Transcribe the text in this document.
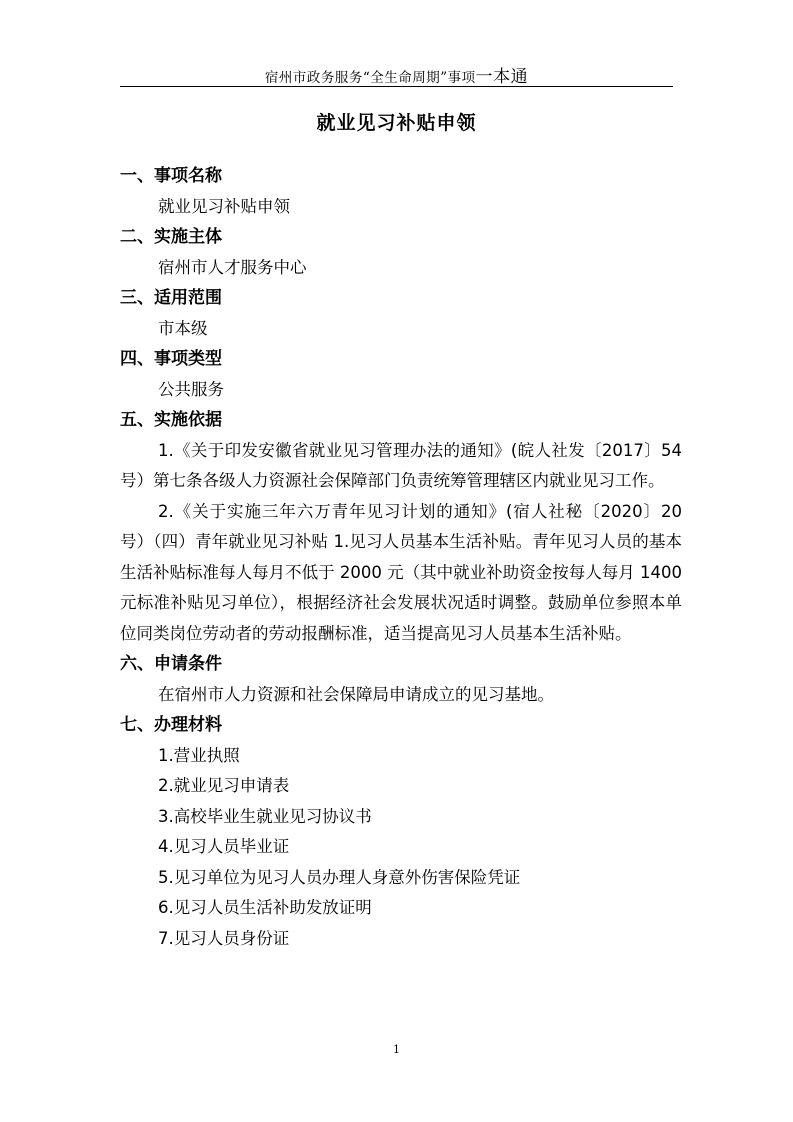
宿州市政务服务“全生命周期”事项一本通
就业见习补贴申领
一、事项名称
就业见习补贴申领
二、实施主体
宿州市人才服务中心
三、适用范围
市本级
四、事项类型
公共服务
五、实施依据
1.《关于印发安徽省就业见习管理办法的通知》(皖人社发〔2017〕54 号）第七条各级人力资源社会保障部门负责统筹管理辖区内就业见习工作。
2.《关于实施三年六万青年见习计划的通知》(宿人社秘〔2020〕20 号）（四）青年就业见习补贴 1.见习人员基本生活补贴。青年见习人员的基本生活补贴标准每人每月不低于 2000 元（其中就业补助资金按每人每月 1400 元标准补贴见习单位），根据经济社会发展状况适时调整。鼓励单位参照本单位同类岗位劳动者的劳动报酬标准，适当提高见习人员基本生活补贴。
六、申请条件
在宿州市人力资源和社会保障局申请成立的见习基地。
七、办理材料
1.营业执照
2.就业见习申请表
3.高校毕业生就业见习协议书
4.见习人员毕业证
5.见习单位为见习人员办理人身意外伤害保险凭证
6.见习人员生活补助发放证明
7.见习人员身份证
1
